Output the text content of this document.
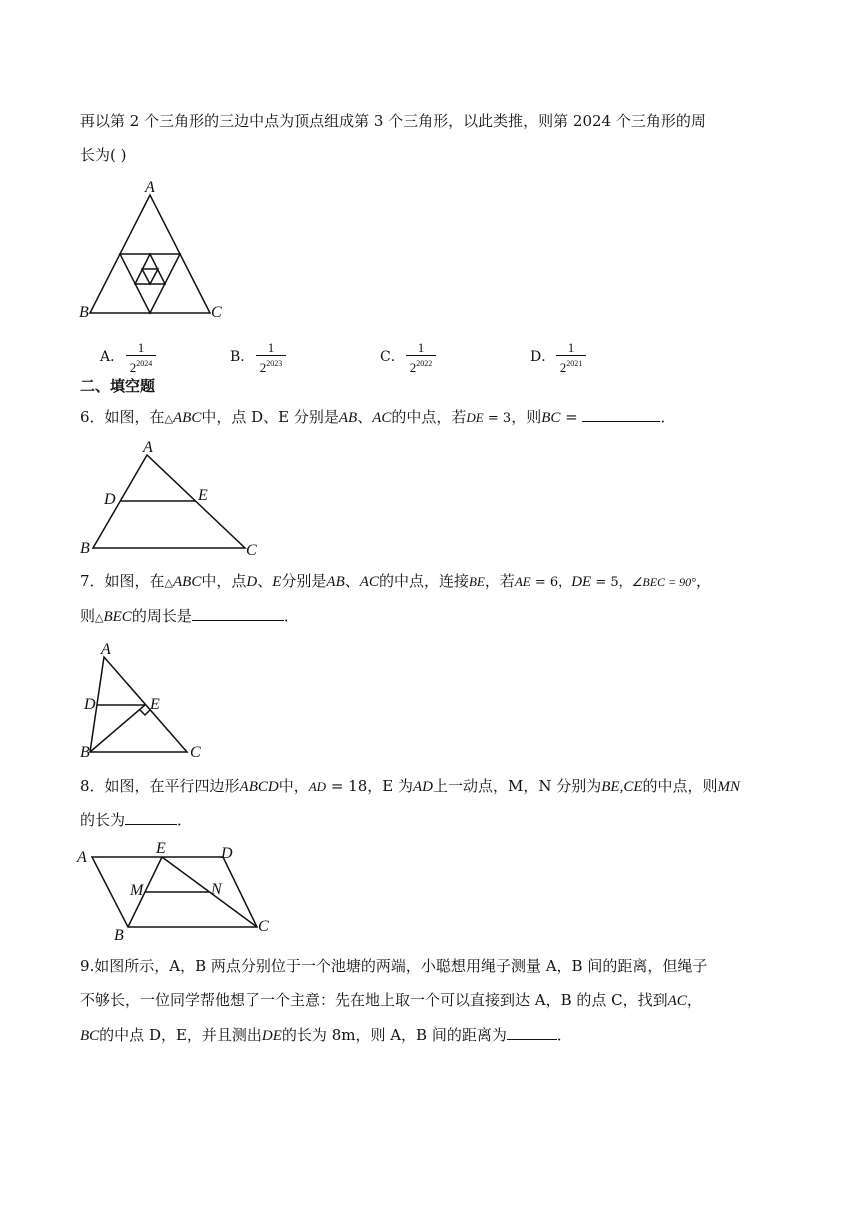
再以第 2 个三角形的三边中点为顶点组成第 3 个三角形，以此类推，则第 2024 个三角形的周
长为( )
A
B	C
A．
1
$2^{2024}$	B．
1
$2^{2023}$	C．
1
$2^{2022}$	D．
1
$2^{2021}$
二、填空题
6．如图，在△ABC中，点 D、E 分别是AB、AC的中点，若DE = 3，则BC =	．
A
B	C
D	E
7．如图，在△ABC中，点D、E分别是AB、AC的中点，连接BE，若AE = 6，DE = 5，∠BEC = 90°，
则△BEC的周长是	．
A
B	C
D	E
8．如图，在平行四边形ABCD中，AD = 18，E 为AD上一动点，M，N 分别为BE,CE的中点，则MN
的长为	．
A
B
C
D
E
M	N
9.如图所示，A，B 两点分别位于一个池塘的两端，小聪想用绳子测量 A，B 间的距离，但绳子
不够长，一位同学帮他想了一个主意：先在地上取一个可以直接到达 A，B 的点 C，找到AC，
BC的中点 D，E，并且测出DE的长为 8m，则 A，B 间的距离为	．
